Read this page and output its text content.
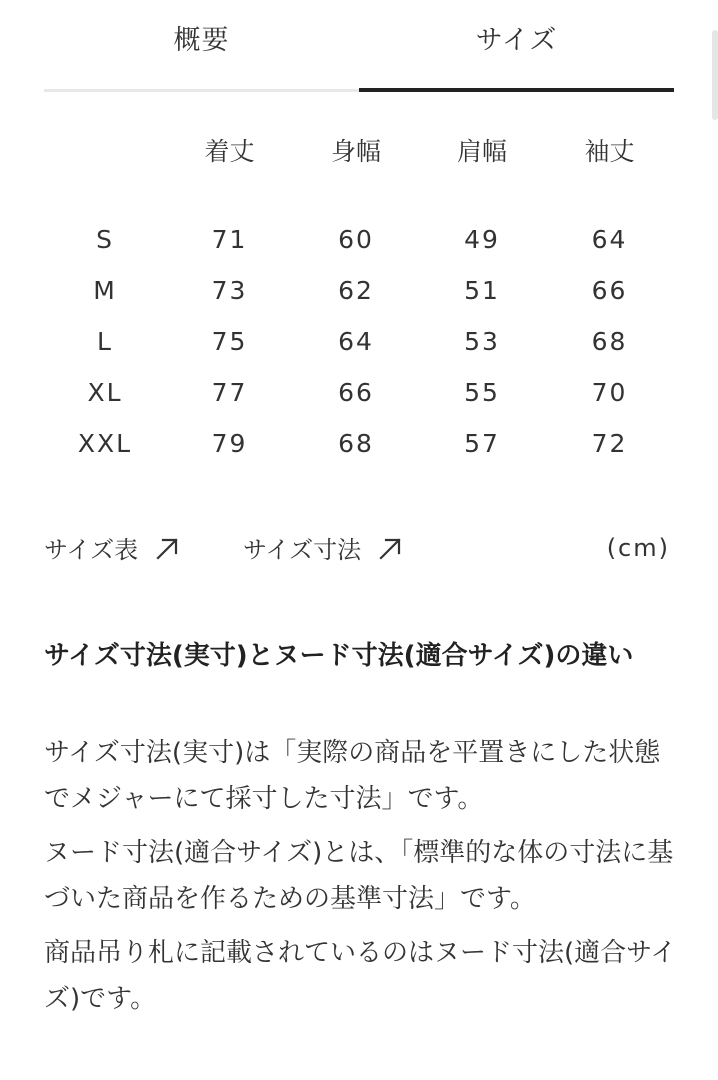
概要	サイズ
	着丈	身幅	肩幅	袖丈
S	71	60	49	64
M	73	62	51	66
L	75	64	53	68
XL	77	66	55	70
XXL	79	68	57	72
サイズ表	サイズ寸法	(cm)
サイズ寸法(実寸)とヌード寸法(適合サイズ)の違い

サイズ寸法(実寸)は「実際の商品を平置きにした状態でメジャーにて採寸した寸法」です。

ヌード寸法(適合サイズ)とは、「標準的な体の寸法に基づいた商品を作るための基準寸法」です。

商品吊り札に記載されているのはヌード寸法(適合サイズ)です。
